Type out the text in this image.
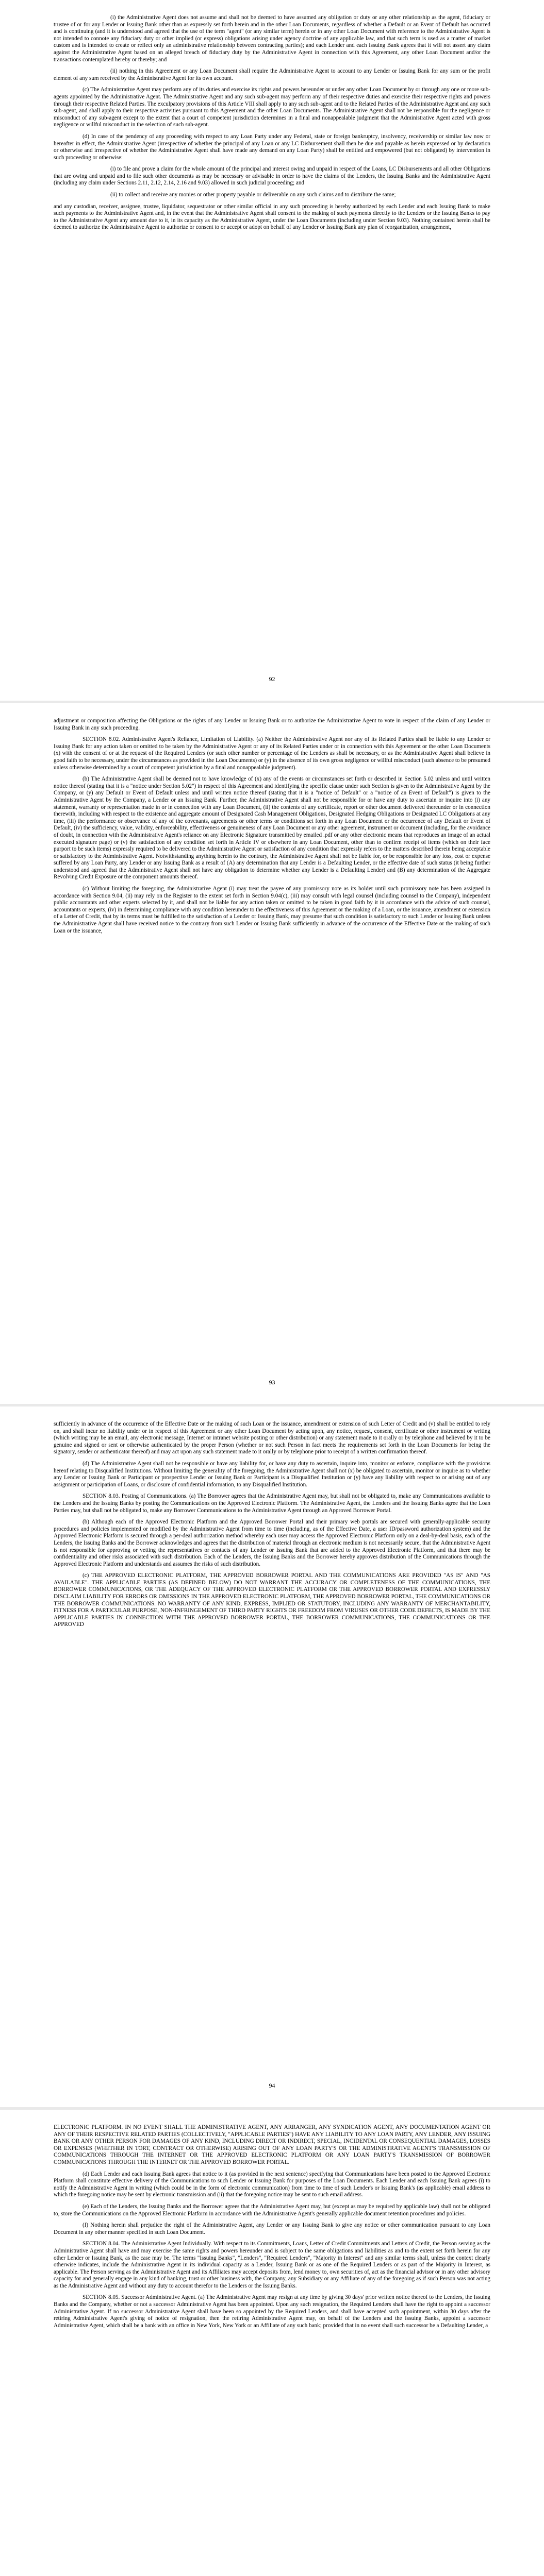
(i) the Administrative Agent does not assume and shall not be deemed to have assumed any obligation or duty or any other relationship as the agent, fiduciary or trustee of or for any Lender or Issuing Bank other than as expressly set forth herein and in the other Loan Documents, regardless of whether a Default or an Event of Default has occurred and is continuing (and it is understood and agreed that the use of the term "agent" (or any similar term) herein or in any other Loan Document with reference to the Administrative Agent is not intended to connote any fiduciary duty or other implied (or express) obligations arising under agency doctrine of any applicable law, and that such term is used as a matter of market custom and is intended to create or reflect only an administrative relationship between contracting parties); and each Lender and each Issuing Bank agrees that it will not assert any claim against the Administrative Agent based on an alleged breach of fiduciary duty by the Administrative Agent in connection with this Agreement, any other Loan Document and/or the transactions contemplated hereby or thereby; and

(ii) nothing in this Agreement or any Loan Document shall require the Administrative Agent to account to any Lender or Issuing Bank for any sum or the profit element of any sum received by the Administrative Agent for its own account.

(c) The Administrative Agent may perform any of its duties and exercise its rights and powers hereunder or under any other Loan Document by or through any one or more sub-agents appointed by the Administrative Agent. The Administrative Agent and any such sub-agent may perform any of their respective duties and exercise their respective rights and powers through their respective Related Parties. The exculpatory provisions of this Article VIII shall apply to any such sub-agent and to the Related Parties of the Administrative Agent and any such sub-agent, and shall apply to their respective activities pursuant to this Agreement and the other Loan Documents. The Administrative Agent shall not be responsible for the negligence or misconduct of any sub-agent except to the extent that a court of competent jurisdiction determines in a final and nonappealable judgment that the Administrative Agent acted with gross negligence or willful misconduct in the selection of such sub-agent.

(d) In case of the pendency of any proceeding with respect to any Loan Party under any Federal, state or foreign bankruptcy, insolvency, receivership or similar law now or hereafter in effect, the Administrative Agent (irrespective of whether the principal of any Loan or any LC Disbursement shall then be due and payable as herein expressed or by declaration or otherwise and irrespective of whether the Administrative Agent shall have made any demand on any Loan Party) shall be entitled and empowered (but not obligated) by intervention in such proceeding or otherwise:

(i) to file and prove a claim for the whole amount of the principal and interest owing and unpaid in respect of the Loans, LC Disbursements and all other Obligations that are owing and unpaid and to file such other documents as may be necessary or advisable in order to have the claims of the Lenders, the Issuing Banks and the Administrative Agent (including any claim under Sections 2.11, 2.12, 2.14, 2.16 and 9.03) allowed in such judicial proceeding; and

(ii) to collect and receive any monies or other property payable or deliverable on any such claims and to distribute the same;

and any custodian, receiver, assignee, trustee, liquidator, sequestrator or other similar official in any such proceeding is hereby authorized by each Lender and each Issuing Bank to make such payments to the Administrative Agent and, in the event that the Administrative Agent shall consent to the making of such payments directly to the Lenders or the Issuing Banks to pay to the Administrative Agent any amount due to it, in its capacity as the Administrative Agent, under the Loan Documents (including under Section 9.03). Nothing contained herein shall be deemed to authorize the Administrative Agent to authorize or consent to or accept or adopt on behalf of any Lender or Issuing Bank any plan of reorganization, arrangement,

92

adjustment or composition affecting the Obligations or the rights of any Lender or Issuing Bank or to authorize the Administrative Agent to vote in respect of the claim of any Lender or Issuing Bank in any such proceeding.

SECTION 8.02. Administrative Agent's Reliance, Limitation of Liability. (a) Neither the Administrative Agent nor any of its Related Parties shall be liable to any Lender or Issuing Bank for any action taken or omitted to be taken by the Administrative Agent or any of its Related Parties under or in connection with this Agreement or the other Loan Documents (x) with the consent of or at the request of the Required Lenders (or such other number or percentage of the Lenders as shall be necessary, or as the Administrative Agent shall believe in good faith to be necessary, under the circumstances as provided in the Loan Documents) or (y) in the absence of its own gross negligence or willful misconduct (such absence to be presumed unless otherwise determined by a court of competent jurisdiction by a final and nonappealable judgment).

(b) The Administrative Agent shall be deemed not to have knowledge of (x) any of the events or circumstances set forth or described in Section 5.02 unless and until written notice thereof (stating that it is a "notice under Section 5.02") in respect of this Agreement and identifying the specific clause under such Section is given to the Administrative Agent by the Company, or (y) any Default or Event of Default unless and until written notice thereof (stating that it is a "notice of Default" or a "notice of an Event of Default") is given to the Administrative Agent by the Company, a Lender or an Issuing Bank. Further, the Administrative Agent shall not be responsible for or have any duty to ascertain or inquire into (i) any statement, warranty or representation made in or in connection with any Loan Document, (ii) the contents of any certificate, report or other document delivered thereunder or in connection therewith, including with respect to the existence and aggregate amount of Designated Cash Management Obligations, Designated Hedging Obligations or Designated LC Obligations at any time, (iii) the performance or observance of any of the covenants, agreements or other terms or conditions set forth in any Loan Document or the occurrence of any Default or Event of Default, (iv) the sufficiency, value, validity, enforceability, effectiveness or genuineness of any Loan Document or any other agreement, instrument or document (including, for the avoidance of doubt, in connection with the Administrative Agent's reliance on any Electronic Signature transmitted by emailed .pdf or any other electronic means that reproduces an image of an actual executed signature page) or (v) the satisfaction of any condition set forth in Article IV or elsewhere in any Loan Document, other than to confirm receipt of items (which on their face purport to be such items) expressly required to be delivered to the Administrative Agent or satisfaction of any condition that expressly refers to the matters described therein being acceptable or satisfactory to the Administrative Agent. Notwithstanding anything herein to the contrary, the Administrative Agent shall not be liable for, or be responsible for any loss, cost or expense suffered by any Loan Party, any Lender or any Issuing Bank as a result of (A) any determination that any Lender is a Defaulting Lender, or the effective date of such status (it being further understood and agreed that the Administrative Agent shall not have any obligation to determine whether any Lender is a Defaulting Lender) and (B) any determination of the Aggregate Revolving Credit Exposure or the component amounts thereof.

(c) Without limiting the foregoing, the Administrative Agent (i) may treat the payee of any promissory note as its holder until such promissory note has been assigned in accordance with Section 9.04, (ii) may rely on the Register to the extent set forth in Section 9.04(c), (iii) may consult with legal counsel (including counsel to the Company), independent public accountants and other experts selected by it, and shall not be liable for any action taken or omitted to be taken in good faith by it in accordance with the advice of such counsel, accountants or experts, (iv) in determining compliance with any condition hereunder to the effectiveness of this Agreement or the making of a Loan, or the issuance, amendment or extension of a Letter of Credit, that by its terms must be fulfilled to the satisfaction of a Lender or Issuing Bank, may presume that such condition is satisfactory to such Lender or Issuing Bank unless the Administrative Agent shall have received notice to the contrary from such Lender or Issuing Bank sufficiently in advance of the occurrence of the Effective Date or the making of such Loan or the issuance,

93

sufficiently in advance of the occurrence of the Effective Date or the making of such Loan or the issuance, amendment or extension of such Letter of Credit and (v) shall be entitled to rely on, and shall incur no liability under or in respect of this Agreement or any other Loan Document by acting upon, any notice, request, consent, certificate or other instrument or writing (which writing may be an email, any electronic message, Internet or intranet website posting or other distribution) or any statement made to it orally or by telephone and believed by it to be genuine and signed or sent or otherwise authenticated by the proper Person (whether or not such Person in fact meets the requirements set forth in the Loan Documents for being the signatory, sender or authenticator thereof) and may act upon any such statement made to it orally or by telephone prior to receipt of a written confirmation thereof.

(d) The Administrative Agent shall not be responsible or have any liability for, or have any duty to ascertain, inquire into, monitor or enforce, compliance with the provisions hereof relating to Disqualified Institutions. Without limiting the generality of the foregoing, the Administrative Agent shall not (x) be obligated to ascertain, monitor or inquire as to whether any Lender or Issuing Bank or Participant or prospective Lender or Issuing Bank or Participant is a Disqualified Institution or (y) have any liability with respect to or arising out of any assignment or participation of Loans, or disclosure of confidential information, to any Disqualified Institution.

SECTION 8.03. Posting of Communications. (a) The Borrower agrees that the Administrative Agent may, but shall not be obligated to, make any Communications available to the Lenders and the Issuing Banks by posting the Communications on the Approved Electronic Platform. The Administrative Agent, the Lenders and the Issuing Banks agree that the Loan Parties may, but shall not be obligated to, make any Borrower Communications to the Administrative Agent through an Approved Borrower Portal.

(b) Although each of the Approved Electronic Platform and the Approved Borrower Portal and their primary web portals are secured with generally-applicable security procedures and policies implemented or modified by the Administrative Agent from time to time (including, as of the Effective Date, a user ID/password authorization system) and the Approved Electronic Platform is secured through a per-deal authorization method whereby each user may access the Approved Electronic Platform only on a deal-by-deal basis, each of the Lenders, the Issuing Banks and the Borrower acknowledges and agrees that the distribution of material through an electronic medium is not necessarily secure, that the Administrative Agent is not responsible for approving or vetting the representatives or contacts of any Lender or Issuing Bank that are added to the Approved Electronic Platform, and that there may be confidentiality and other risks associated with such distribution. Each of the Lenders, the Issuing Banks and the Borrower hereby approves distribution of the Communications through the Approved Electronic Platform and understands and assumes the risks of such distribution.

(c) THE APPROVED ELECTRONIC PLATFORM, THE APPROVED BORROWER PORTAL AND THE COMMUNICATIONS ARE PROVIDED "AS IS" AND "AS AVAILABLE". THE APPLICABLE PARTIES (AS DEFINED BELOW) DO NOT WARRANT THE ACCURACY OR COMPLETENESS OF THE COMMUNICATIONS, THE BORROWER COMMUNICATIONS, OR THE ADEQUACY OF THE APPROVED ELECTRONIC PLATFORM OR THE APPROVED BORROWER PORTAL AND EXPRESSLY DISCLAIM LIABILITY FOR ERRORS OR OMISSIONS IN THE APPROVED ELECTRONIC PLATFORM, THE APPROVED BORROWER PORTAL, THE COMMUNICATIONS OR THE BORROWER COMMUNICATIONS. NO WARRANTY OF ANY KIND, EXPRESS, IMPLIED OR STATUTORY, INCLUDING ANY WARRANTY OF MERCHANTABILITY, FITNESS FOR A PARTICULAR PURPOSE, NON-INFRINGEMENT OF THIRD PARTY RIGHTS OR FREEDOM FROM VIRUSES OR OTHER CODE DEFECTS, IS MADE BY THE APPLICABLE PARTIES IN CONNECTION WITH THE APPROVED BORROWER PORTAL, THE BORROWER COMMUNICATIONS, THE COMMUNICATIONS OR THE APPROVED

94

ELECTRONIC PLATFORM. IN NO EVENT SHALL THE ADMINISTRATIVE AGENT, ANY ARRANGER, ANY SYNDICATION AGENT, ANY DOCUMENTATION AGENT OR ANY OF THEIR RESPECTIVE RELATED PARTIES (COLLECTIVELY, "APPLICABLE PARTIES") HAVE ANY LIABILITY TO ANY LOAN PARTY, ANY LENDER, ANY ISSUING BANK OR ANY OTHER PERSON FOR DAMAGES OF ANY KIND, INCLUDING DIRECT OR INDIRECT, SPECIAL, INCIDENTAL OR CONSEQUENTIAL DAMAGES, LOSSES OR EXPENSES (WHETHER IN TORT, CONTRACT OR OTHERWISE) ARISING OUT OF ANY LOAN PARTY'S OR THE ADMINISTRATIVE AGENT'S TRANSMISSION OF COMMUNICATIONS THROUGH THE INTERNET OR THE APPROVED ELECTRONIC PLATFORM OR ANY LOAN PARTY'S TRANSMISSION OF BORROWER COMMUNICATIONS THROUGH THE INTERNET OR THE APPROVED BORROWER PORTAL.

(d) Each Lender and each Issuing Bank agrees that notice to it (as provided in the next sentence) specifying that Communications have been posted to the Approved Electronic Platform shall constitute effective delivery of the Communications to such Lender or Issuing Bank for purposes of the Loan Documents. Each Lender and each Issuing Bank agrees (i) to notify the Administrative Agent in writing (which could be in the form of electronic communication) from time to time of such Lender's or Issuing Bank's (as applicable) email address to which the foregoing notice may be sent by electronic transmission and (ii) that the foregoing notice may be sent to such email address.

(e) Each of the Lenders, the Issuing Banks and the Borrower agrees that the Administrative Agent may, but (except as may be required by applicable law) shall not be obligated to, store the Communications on the Approved Electronic Platform in accordance with the Administrative Agent's generally applicable document retention procedures and policies.

(f) Nothing herein shall prejudice the right of the Administrative Agent, any Lender or any Issuing Bank to give any notice or other communication pursuant to any Loan Document in any other manner specified in such Loan Document.

SECTION 8.04. The Administrative Agent Individually. With respect to its Commitments, Loans, Letter of Credit Commitments and Letters of Credit, the Person serving as the Administrative Agent shall have and may exercise the same rights and powers hereunder and is subject to the same obligations and liabilities as and to the extent set forth herein for any other Lender or Issuing Bank, as the case may be. The terms "Issuing Banks", "Lenders", "Required Lenders", "Majority in Interest" and any similar terms shall, unless the context clearly otherwise indicates, include the Administrative Agent in its individual capacity as a Lender, Issuing Bank or as one of the Required Lenders or as part of the Majority in Interest, as applicable. The Person serving as the Administrative Agent and its Affiliates may accept deposits from, lend money to, own securities of, act as the financial advisor or in any other advisory capacity for and generally engage in any kind of banking, trust or other business with, the Company, any Subsidiary or any Affiliate of any of the foregoing as if such Person was not acting as the Administrative Agent and without any duty to account therefor to the Lenders or the Issuing Banks.

SECTION 8.05. Successor Administrative Agent. (a) The Administrative Agent may resign at any time by giving 30 days' prior written notice thereof to the Lenders, the Issuing Banks and the Company, whether or not a successor Administrative Agent has been appointed. Upon any such resignation, the Required Lenders shall have the right to appoint a successor Administrative Agent. If no successor Administrative Agent shall have been so appointed by the Required Lenders, and shall have accepted such appointment, within 30 days after the retiring Administrative Agent's giving of notice of resignation, then the retiring Administrative Agent may, on behalf of the Lenders and the Issuing Banks, appoint a successor Administrative Agent, which shall be a bank with an office in New York, New York or an Affiliate of any such bank; provided that in no event shall such successor be a Defaulting Lender, a
